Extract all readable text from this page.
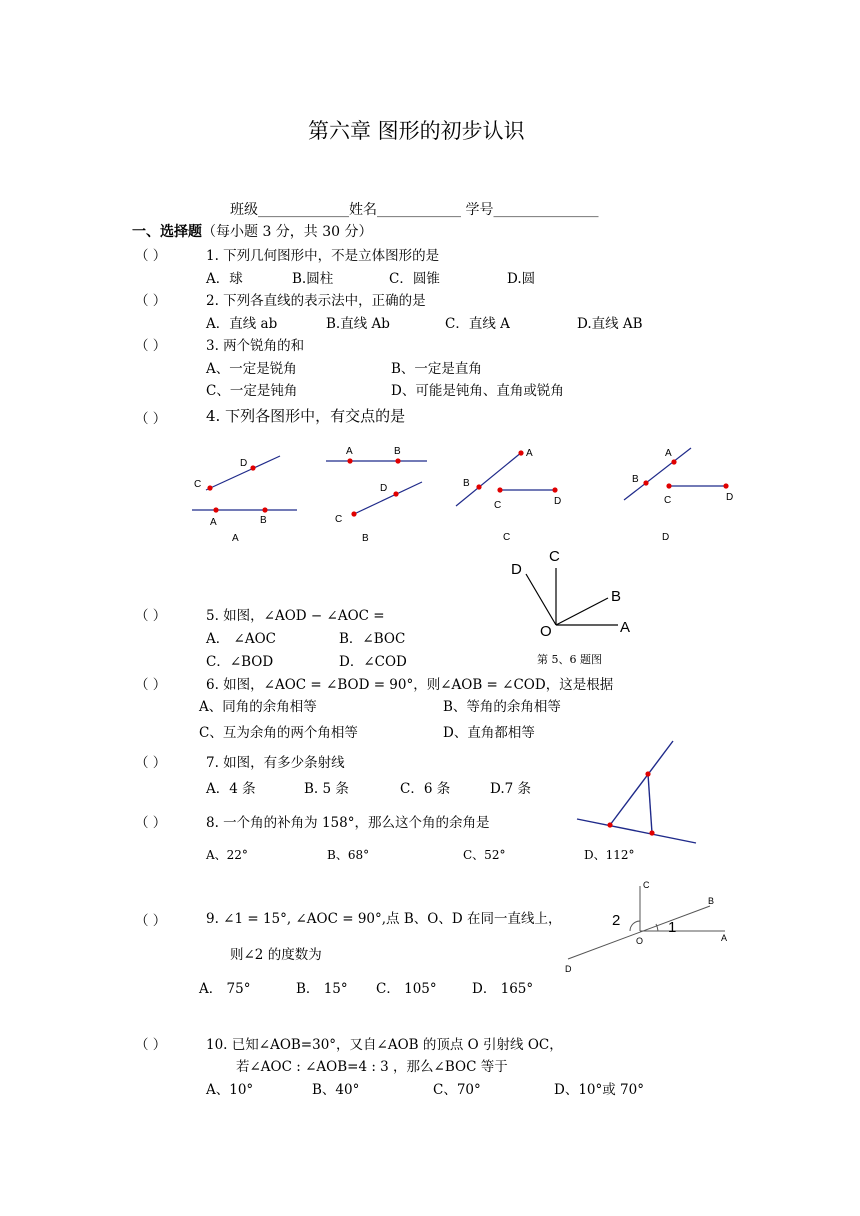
第六章 图形的初步认识
班级_____________姓名____________ 学号_______________
一、选择题（每小题 3 分，共 30 分）
（ ）	1. 下列几何图形中，不是立体图形的是
A．球	B.圆柱	C．圆锥	D.圆
（ ）	2. 下列各直线的表示法中，正确的是
A．直线 ab	B.直线 Ab	C．直线 A	D.直线 AB
（ ）	3. 两个锐角的和
A、一定是锐角	B、一定是直角
C、一定是钝角	D、可能是钝角、直角或锐角
（ ）	4. 下列各图形中，有交点的是
C
D
A	B
A
A	B
C
D
B
A
B
C	D
C
A
B
C	D
D
C
D
B
O	A
第 5、6 题图
（ ）	5. 如图，∠AOD − ∠AOC =
A． ∠AOC	B．∠BOC
C．∠BOD	D．∠COD
（ ）	6. 如图，∠AOC = ∠BOD = 90°，则∠AOB = ∠COD，这是根据
A、同角的余角相等	B、等角的余角相等
C、互为余角的两个角相等	D、直角都相等
（ ）	7. 如图，有多少条射线
A．4 条	B. 5 条	C．6 条	D.7 条
（ ）	8. 一个角的补角为 158°，那么这个角的余角是
A、22°	B、68°	C、52°	D、112°
C
B
2	1
O	A
D
（ ）	9. ∠1 = 15°, ∠AOC = 90°,点 B、O、D 在同一直线上，
则∠2 的度数为
A． 75°	B． 15° C． 105°	D． 165°
（ ）	10. 已知∠AOB=30°，又自∠AOB 的顶点 O 引射线 OC，
若∠AOC : ∠AOB=4 : 3 ，那么∠BOC 等于
A、10°	B、40°	C、70°	D、10°或 70°
